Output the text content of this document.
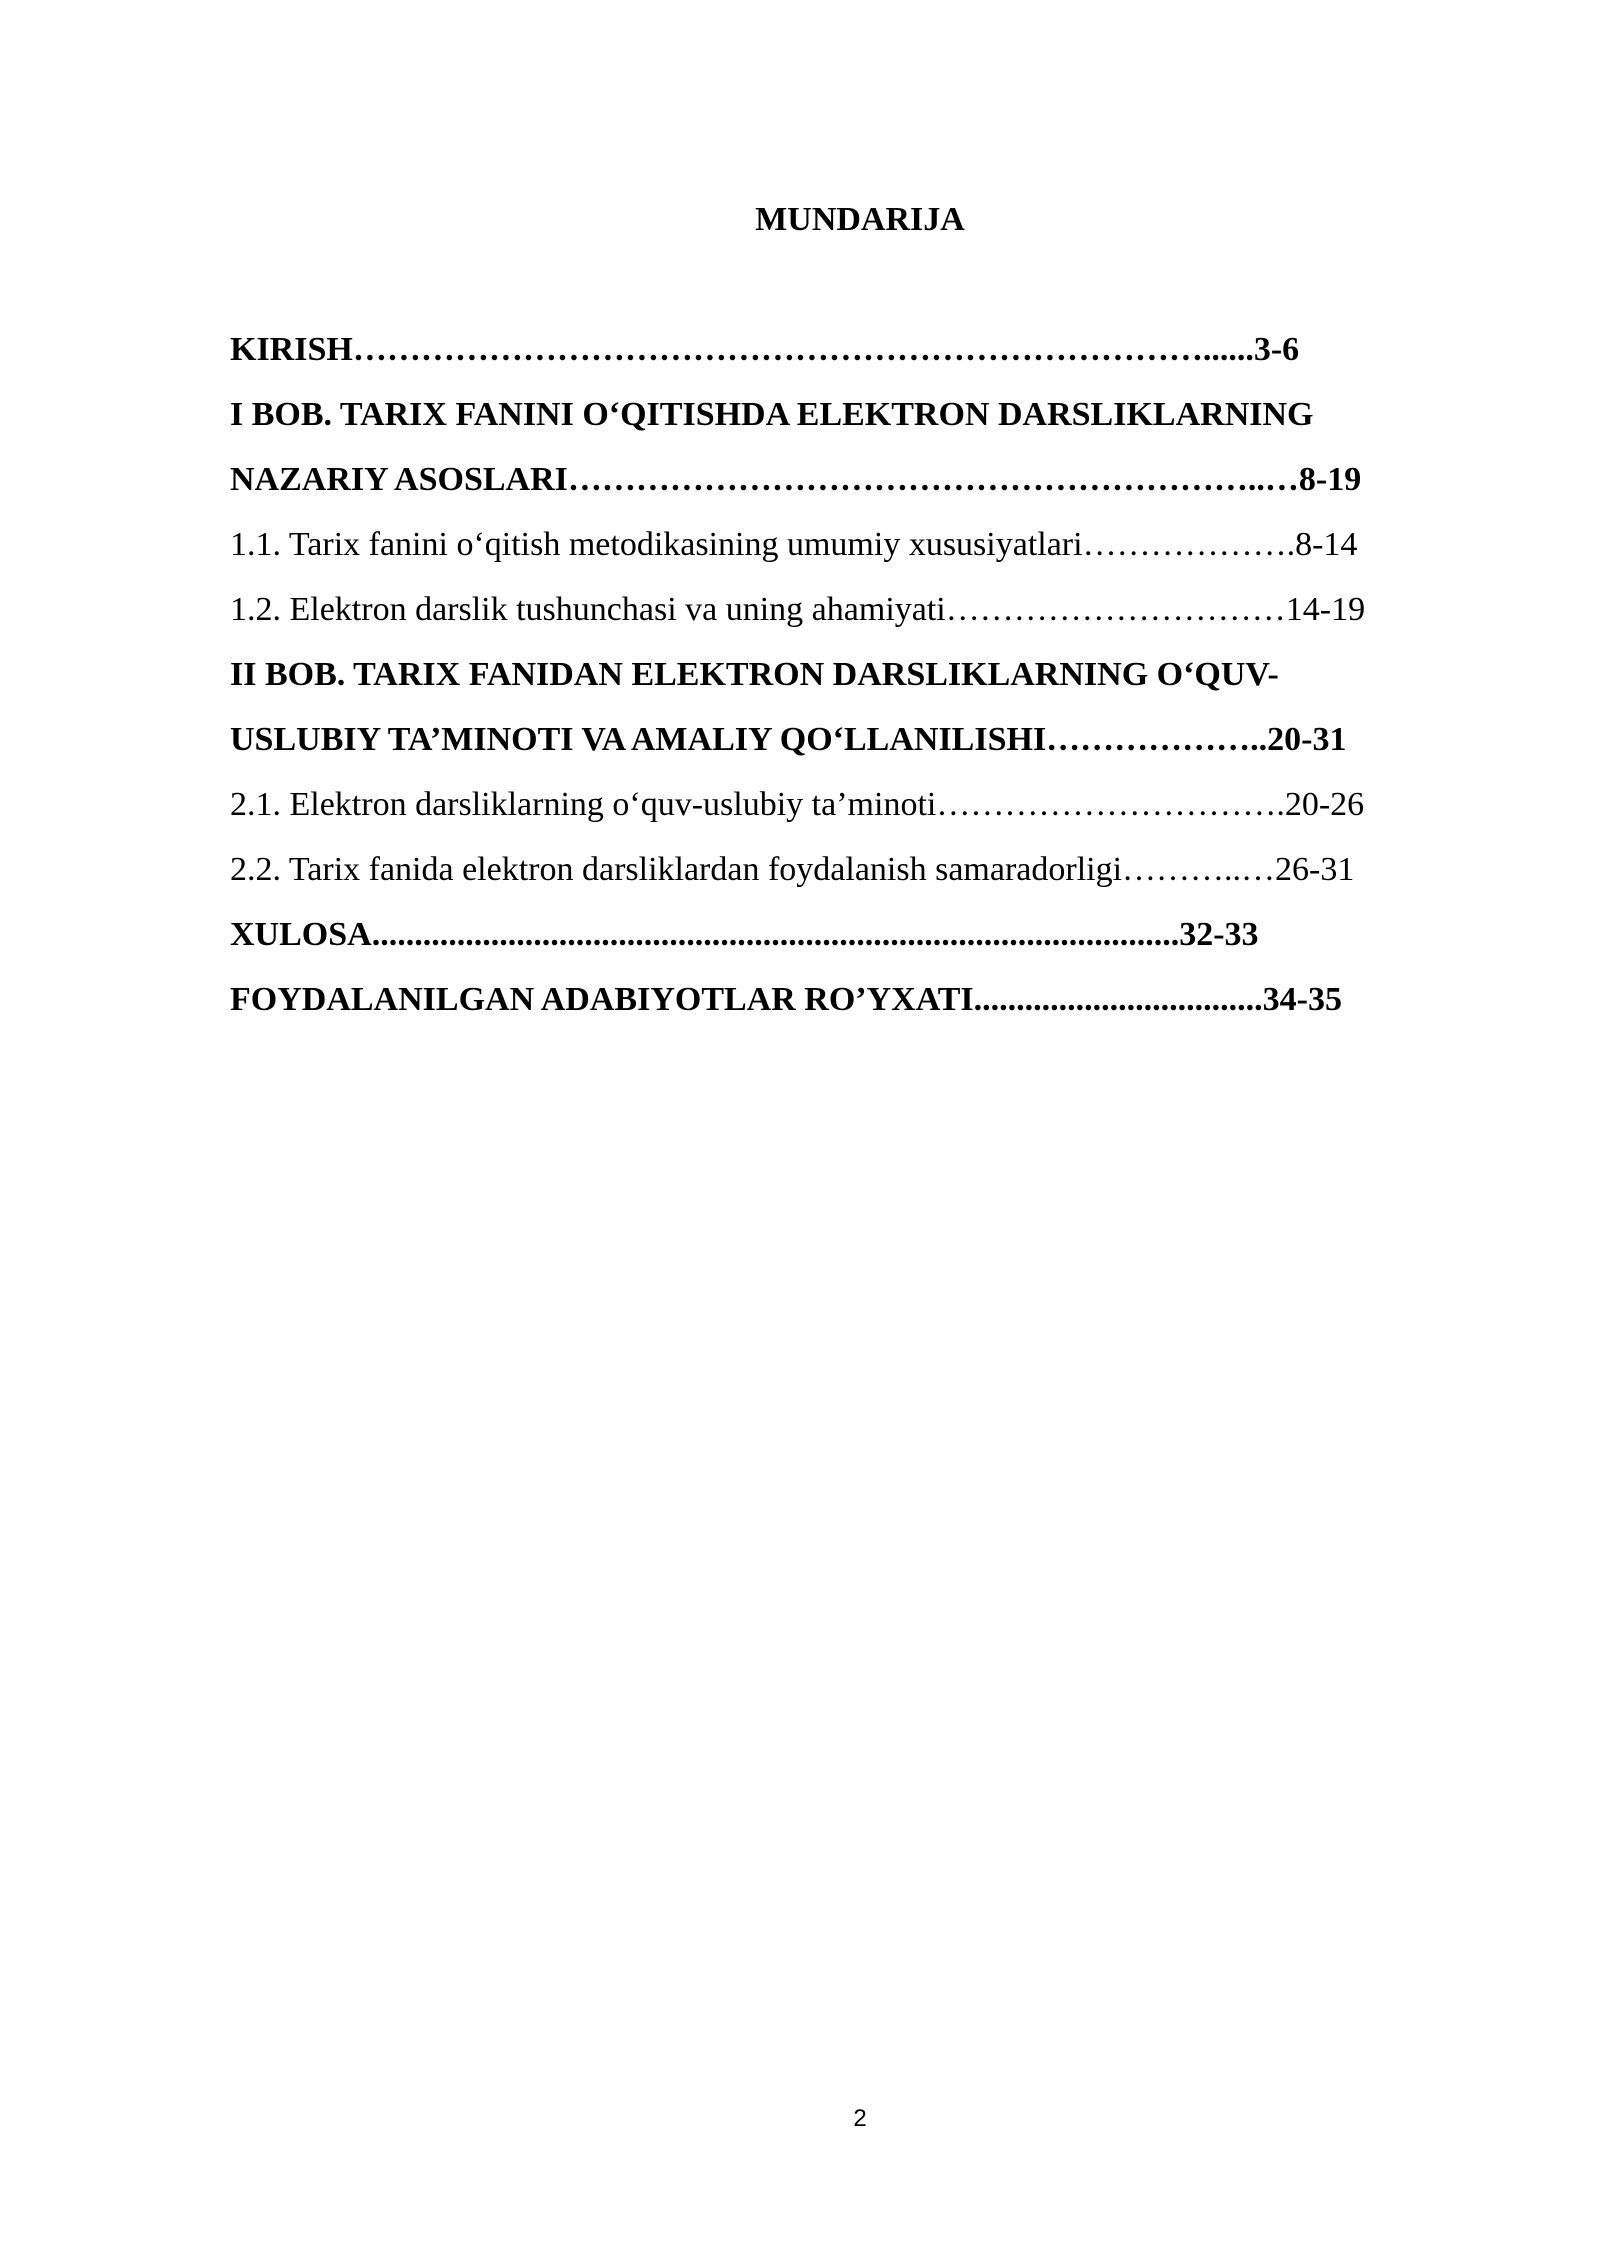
MUNDARIJA
KIRISH…………………………………………………………………......3-6
I BOB. TARIX FANINI O‘QITISHDA ELEKTRON DARSLIKLARNING
NAZARIY ASOSLARI……………………………………………………..…8-19
1.1. Tarix fanini o‘qitish metodikasining umumiy xususiyatlari……………….8-14
1.2. Elektron darslik tushunchasi va uning ahamiyati…………………………14-19
II BOB. TARIX FANIDAN ELEKTRON DARSLIKLARNING O‘QUV-
USLUBIY TA’MINOTI VA AMALIY QO‘LLANILISHI………………..20-31
2.1. Elektron darsliklarning o‘quv-uslubiy ta’minoti………………………….20-26
2.2. Tarix fanida elektron darsliklardan foydalanish samaradorligi………..…26-31
XULOSA...............................................................................................32-33
FOYDALANILGAN ADABIYOTLAR RO’YXATI..................................34-35
2
